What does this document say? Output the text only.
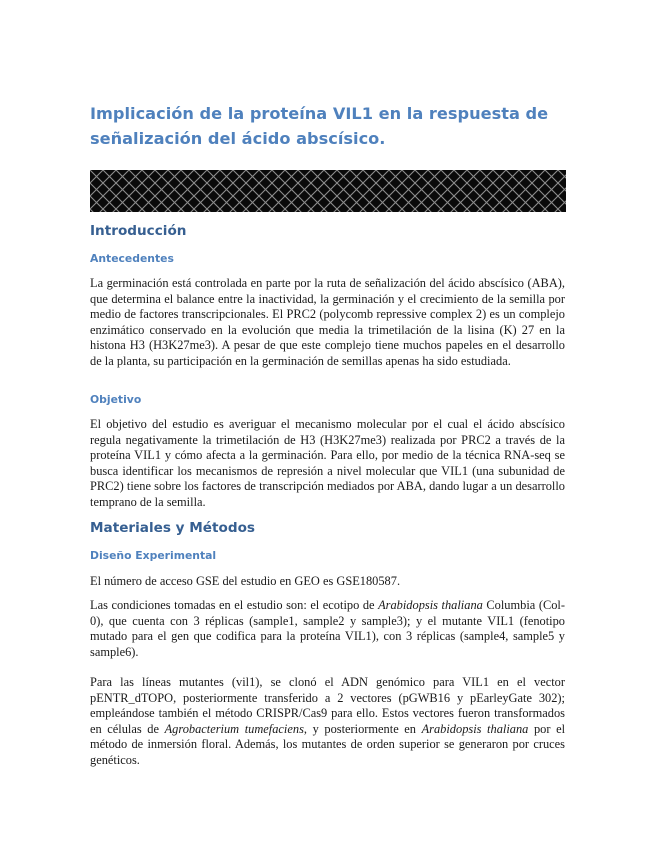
Implicación de la proteína VIL1 en la respuesta de señalización del ácido abscísico.
Introducción
Antecedentes

La germinación está controlada en parte por la ruta de señalización del ácido abscísico (ABA), que determina el balance entre la inactividad, la germinación y el crecimiento de la semilla por medio de factores transcripcionales. El PRC2 (polycomb repressive complex 2) es un complejo enzimático conservado en la evolución que media la trimetilación de la lisina (K) 27 en la histona H3 (H3K27me3). A pesar de que este complejo tiene muchos papeles en el desarrollo de la planta, su participación en la germinación de semillas apenas ha sido estudiada.

Objetivo

El objetivo del estudio es averiguar el mecanismo molecular por el cual el ácido abscísico regula negativamente la trimetilación de H3 (H3K27me3) realizada por PRC2 a través de la proteína VIL1 y cómo afecta a la germinación. Para ello, por medio de la técnica RNA-seq se busca identificar los mecanismos de represión a nivel molecular que VIL1 (una subunidad de PRC2) tiene sobre los factores de transcripción mediados por ABA, dando lugar a un desarrollo temprano de la semilla.

Materiales y Métodos
Diseño Experimental

El número de acceso GSE del estudio en GEO es GSE180587.

Las condiciones tomadas en el estudio son: el ecotipo de Arabidopsis thaliana Columbia (Col-0), que cuenta con 3 réplicas (sample1, sample2 y sample3); y el mutante VIL1 (fenotipo mutado para el gen que codifica para la proteína VIL1), con 3 réplicas (sample4, sample5 y sample6).

Para las líneas mutantes (vil1), se clonó el ADN genómico para VIL1 en el vector pENTR_dTOPO, posteriormente transferido a 2 vectores (pGWB16 y pEarleyGate 302); empleándose también el método CRISPR/Cas9 para ello. Estos vectores fueron transformados en células de Agrobacterium tumefaciens, y posteriormente en Arabidopsis thaliana por el método de inmersión floral. Además, los mutantes de orden superior se generaron por cruces genéticos.
